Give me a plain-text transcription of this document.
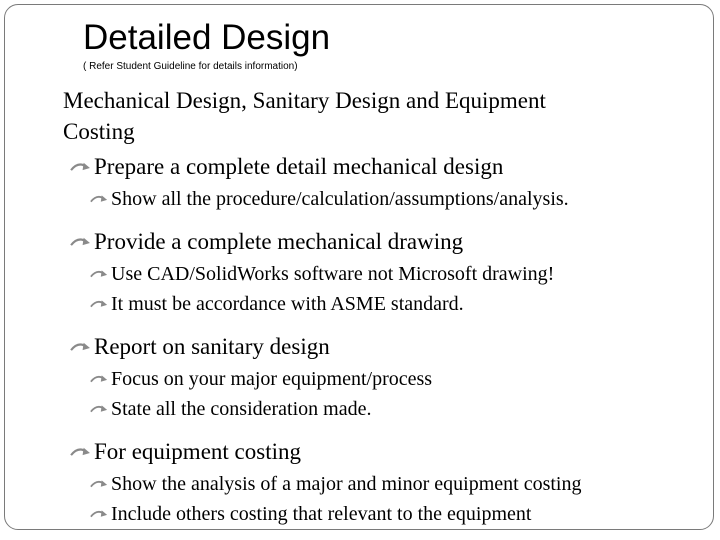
Detailed Design
( Refer Student Guideline for details information)
Mechanical Design, Sanitary Design and Equipment Costing
Prepare a complete detail mechanical design
Show all the procedure/calculation/assumptions/analysis.
Provide a complete mechanical drawing
Use CAD/SolidWorks software not Microsoft drawing!
It must be accordance with ASME standard.
Report on sanitary design
Focus on your major equipment/process
State all the consideration made.
For equipment costing
Show the analysis of a major and minor equipment costing
Include others costing that relevant to the equipment
